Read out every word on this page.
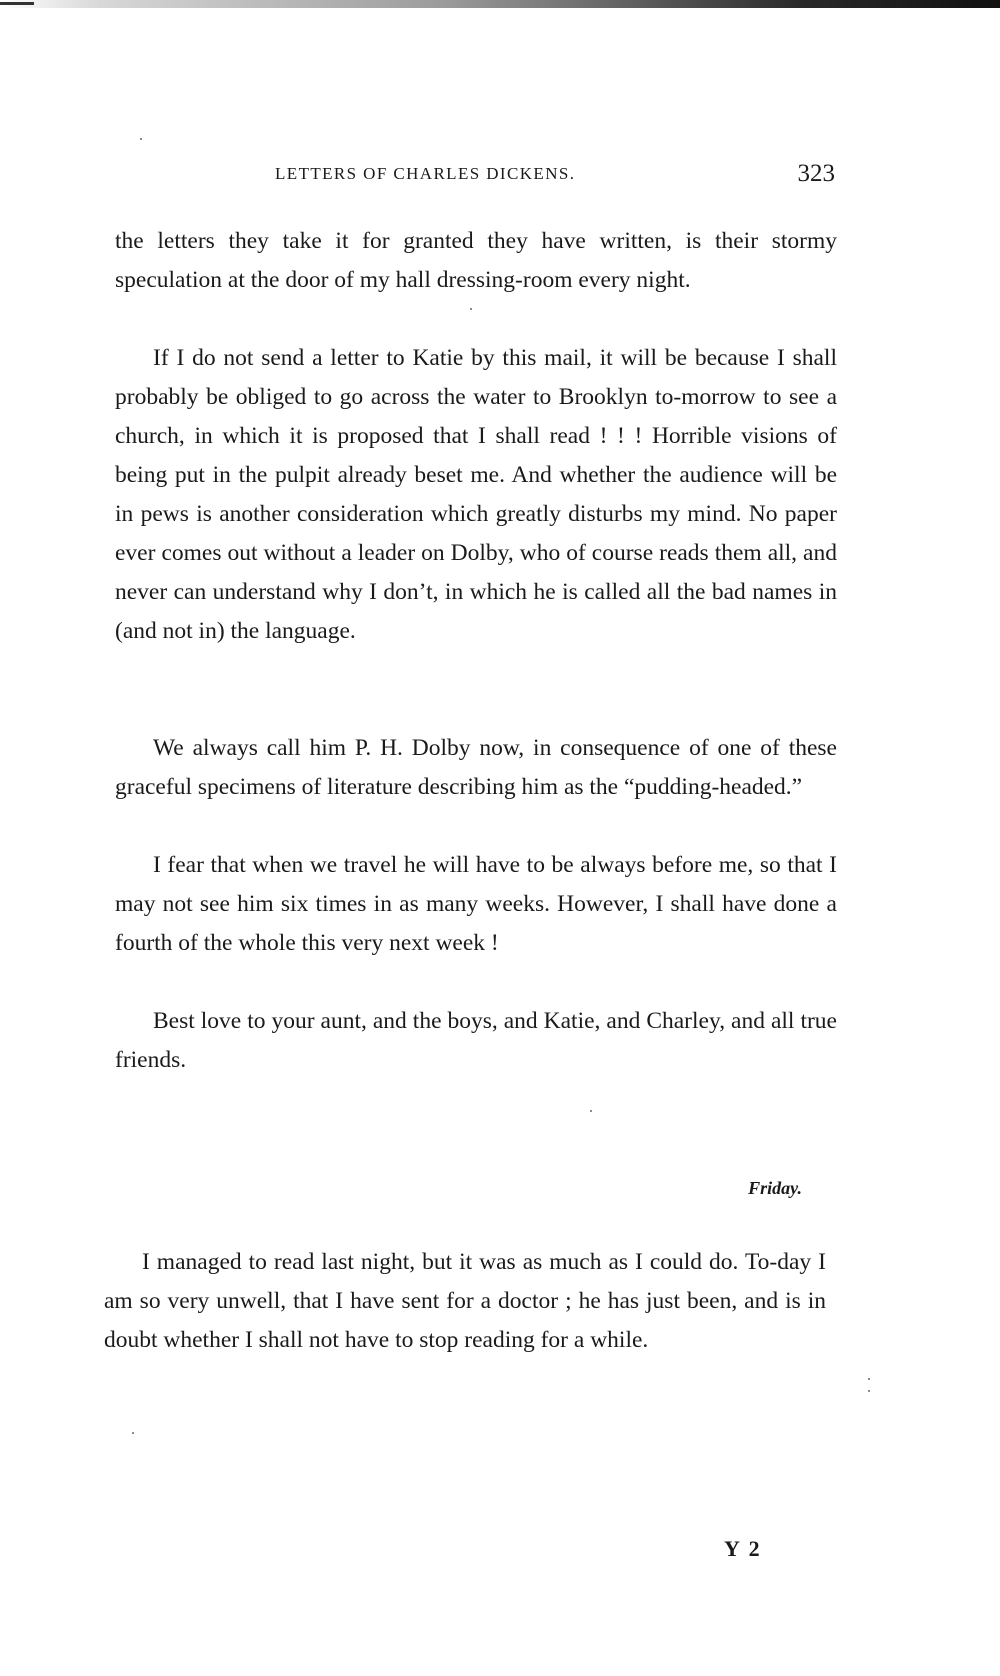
LETTERS OF CHARLES DICKENS.	323

the letters they take it for granted they have written, is their stormy speculation at the door of my hall dressing-room every night.

If I do not send a letter to Katie by this mail, it will be because I shall probably be obliged to go across the water to Brooklyn to-morrow to see a church, in which it is proposed that I shall read ! ! ! Horrible visions of being put in the pulpit already beset me. And whether the audience will be in pews is another consideration which greatly disturbs my mind. No paper ever comes out without a leader on Dolby, who of course reads them all, and never can understand why I don’t, in which he is called all the bad names in (and not in) the language.

We always call him P. H. Dolby now, in consequence of one of these graceful specimens of literature describing him as the “pudding-headed.”

I fear that when we travel he will have to be always before me, so that I may not see him six times in as many weeks. However, I shall have done a fourth of the whole this very next week !

Best love to your aunt, and the boys, and Katie, and Charley, and all true friends.

Friday.

I managed to read last night, but it was as much as I could do. To-day I am so very unwell, that I have sent for a doctor ; he has just been, and is in doubt whether I shall not have to stop reading for a while.

Y 2
